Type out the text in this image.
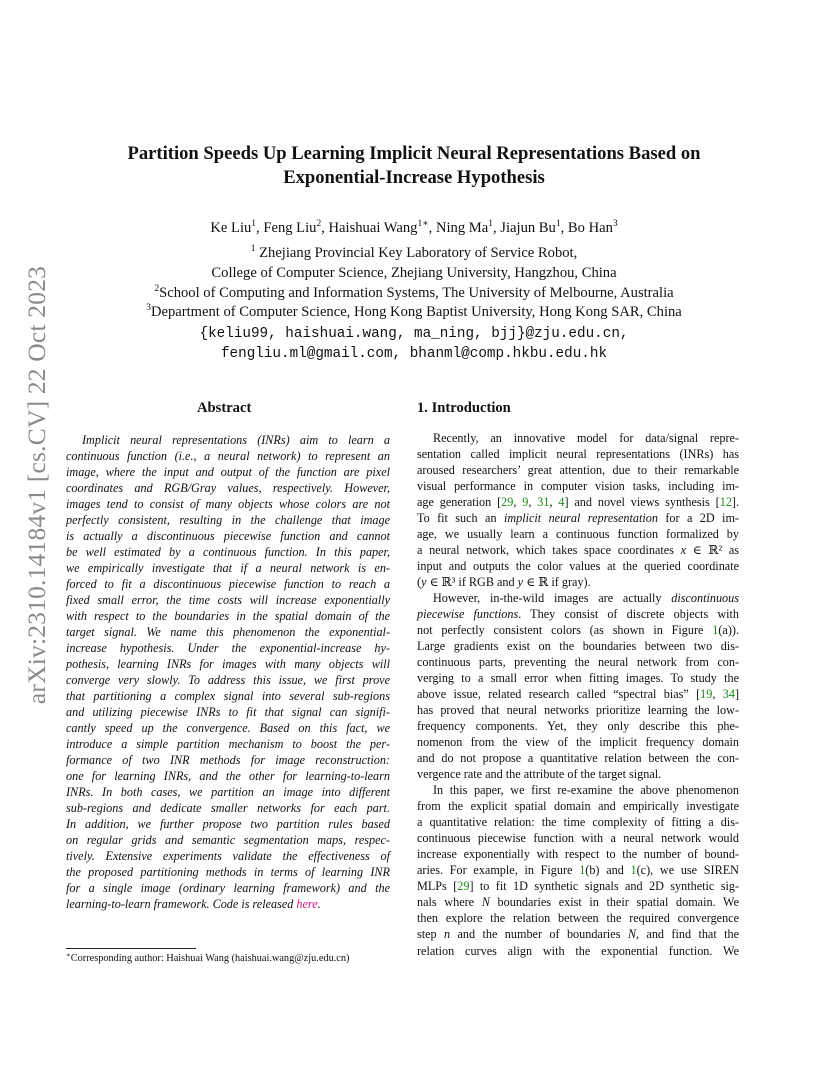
arXiv:2310.14184v1 [cs.CV] 22 Oct 2023
Partition Speeds Up Learning Implicit Neural Representations Based on
Exponential-Increase Hypothesis
Ke Liu$^1$, Feng Liu$^2$, Haishuai Wang$^{1∗}$, Ning Ma$^1$, Jiajun Bu$^1$, Bo Han$^3$
$^1$ Zhejiang Provincial Key Laboratory of Service Robot,
College of Computer Science, Zhejiang University, Hangzhou, China
$^2$School of Computing and Information Systems, The University of Melbourne, Australia
$^3$Department of Computer Science, Hong Kong Baptist University, Hong Kong SAR, China
{keliu99, haishuai.wang, ma_ning, bjj}@zju.edu.cn,
fengliu.ml@gmail.com, bhanml@comp.hkbu.edu.hk
Abstract	1. Introduction
Implicit neural representations (INRs) aim to learn a
continuous function (i.e., a neural network) to represent an
image, where the input and output of the function are pixel
coordinates and RGB/Gray values, respectively. However,
images tend to consist of many objects whose colors are not
perfectly consistent, resulting in the challenge that image
is actually a discontinuous piecewise function and cannot
be well estimated by a continuous function. In this paper,
we empirically investigate that if a neural network is en-
forced to fit a discontinuous piecewise function to reach a
fixed small error, the time costs will increase exponentially
with respect to the boundaries in the spatial domain of the
target signal. We name this phenomenon the exponential-
increase hypothesis. Under the exponential-increase hy-
pothesis, learning INRs for images with many objects will
converge very slowly. To address this issue, we first prove
that partitioning a complex signal into several sub-regions
and utilizing piecewise INRs to fit that signal can signifi-
cantly speed up the convergence. Based on this fact, we
introduce a simple partition mechanism to boost the per-
formance of two INR methods for image reconstruction:
one for learning INRs, and the other for learning-to-learn
INRs. In both cases, we partition an image into different
sub-regions and dedicate smaller networks for each part.
In addition, we further propose two partition rules based
on regular grids and semantic segmentation maps, respec-
tively. Extensive experiments validate the effectiveness of
the proposed partitioning methods in terms of learning INR
for a single image (ordinary learning framework) and the
learning-to-learn framework. Code is released here.
Recently, an innovative model for data/signal repre-
sentation called implicit neural representations (INRs) has
aroused researchers’ great attention, due to their remarkable
visual performance in computer vision tasks, including im-
age generation [29, 9, 31, 4] and novel views synthesis [12].
To fit such an implicit neural representation for a 2D im-
age, we usually learn a continuous function formalized by
a neural network, which takes space coordinates x ∈ ℝ² as
input and outputs the color values at the queried coordinate
(y ∈ ℝ³ if RGB and y ∈ ℝ if gray).
However, in-the-wild images are actually discontinuous
piecewise functions. They consist of discrete objects with
not perfectly consistent colors (as shown in Figure 1(a)).
Large gradients exist on the boundaries between two dis-
continuous parts, preventing the neural network from con-
verging to a small error when fitting images. To study the
above issue, related research called “spectral bias” [19, 34]
has proved that neural networks prioritize learning the low-
frequency components. Yet, they only describe this phe-
nomenon from the view of the implicit frequency domain
and do not propose a quantitative relation between the con-
vergence rate and the attribute of the target signal.
In this paper, we first re-examine the above phenomenon
from the explicit spatial domain and empirically investigate
a quantitative relation: the time complexity of fitting a dis-
continuous piecewise function with a neural network would
increase exponentially with respect to the number of bound-
aries. For example, in Figure 1(b) and 1(c), we use SIREN
MLPs [29] to fit 1D synthetic signals and 2D synthetic sig-
nals where N boundaries exist in their spatial domain. We
then explore the relation between the required convergence
step n and the number of boundaries N, and find that the
relation curves align with the exponential function. We
∗Corresponding author: Haishuai Wang (haishuai.wang@zju.edu.cn)
